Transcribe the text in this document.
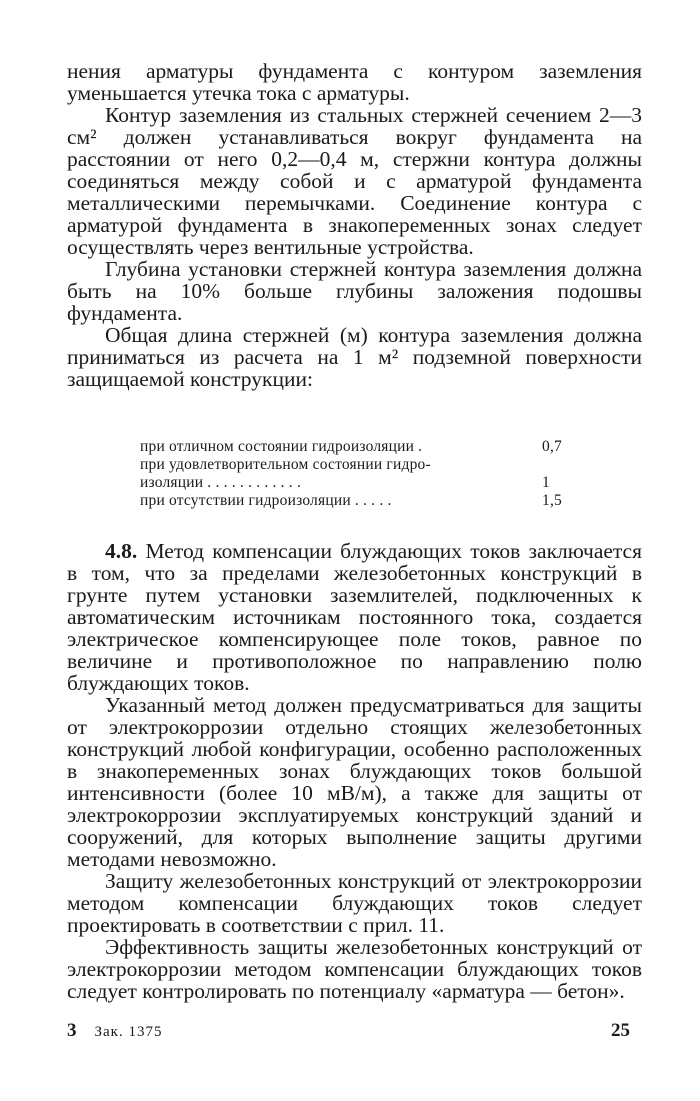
нения арматуры фундамента с контуром заземления уменьшается утечка тока с арматуры.

Контур заземления из стальных стержней сечением 2—3 см² должен устанавливаться вокруг фундамента на расстоянии от него 0,2—0,4 м, стержни контура должны соединяться между собой и с арматурой фундамента металлическими перемычками. Соединение контура с арматурой фундамента в знакопеременных зонах следует осуществлять через вентильные устройства.

Глубина установки стержней контура заземления должна быть на 10% больше глубины заложения подошвы фундамента.

Общая длина стержней (м) контура заземления должна приниматься из расчета на 1 м² подземной поверхности защищаемой конструкции:

при отличном состоянии гидроизоляции .	0,7
при удовлетворительном состоянии гидро-
изоляции . . . . . . . . . . . .	1
при отсутствии гидроизоляции . . . . .	1,5

4.8. Метод компенсации блуждающих токов заключается в том, что за пределами железобетонных конструкций в грунте путем установки заземлителей, подключенных к автоматическим источникам постоянного тока, создается электрическое компенсирующее поле токов, равное по величине и противоположное по направлению полю блуждающих токов.

Указанный метод должен предусматриваться для защиты от электрокоррозии отдельно стоящих железобетонных конструкций любой конфигурации, особенно расположенных в знакопеременных зонах блуждающих токов большой интенсивности (более 10 мВ/м), а также для защиты от электрокоррозии эксплуатируемых конструкций зданий и сооружений, для которых выполнение защиты другими методами невозможно.

Защиту железобетонных конструкций от электрокоррозии методом компенсации блуждающих токов следует проектировать в соответствии с прил. 11.

Эффективность защиты железобетонных конструкций от электрокоррозии методом компенсации блуждающих токов следует контролировать по потенциалу «арматура — бетон».

3 Зак. 1375	25
